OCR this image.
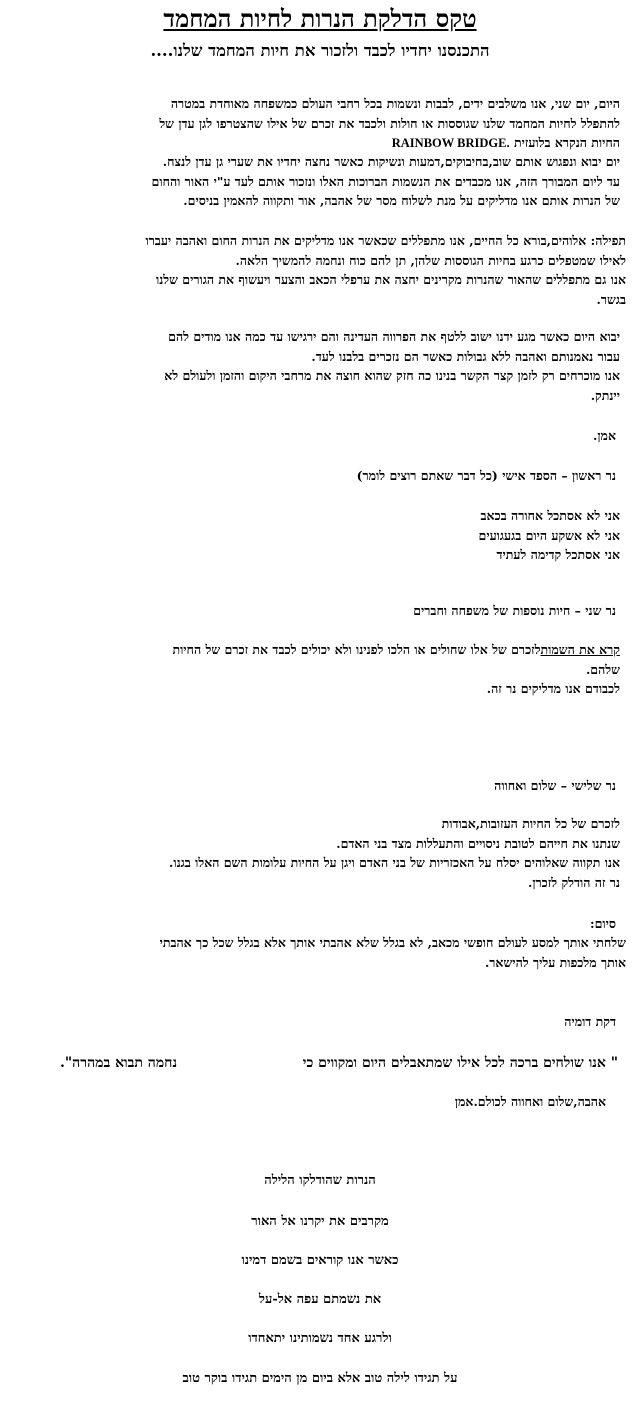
טקס הדלקת הנרות לחיות המחמד
התכנסנו יחדיו לכבד ולזכור את חיות המחמד שלנו....
היום, יום שני, אנו משלבים ידים, לבבות ונשמות בכל רחבי העולם כמשפחה מאוחדת במטרה
להתפלל לחיות המחמד שלנו שגוססות או חולות ולכבד את זכרם של אילו שהצטרפו לגן עדן של
החיות הנקרא בלועזית RAINBOW BRIDGE.
יום יבוא ונפגוש אותם שוב,בחיבוקים,דמעות ונשיקות כאשר נחצה יחדיו את שערי גן עדן לנצח.
עד ליום המבורך הזה, אנו מכבדים את הנשמות הברוכות האלו ונזכור אותם לעד ע"י האור והחום
של הנרות אותם אנו מדליקים על מנת לשלוח מסר של אהבה, אור ותקווה להאמין בניסים.
תפילה: אלוהים,בורא כל החיים, אנו מתפללים שכאשר אנו מדליקים את הנרות החום ואהבה יעברו
לאילו שמטפלים כרגע בחיות הגוססות שלהן, תן להם כוח ונחמה להמשיך הלאה.
אנו גם מתפללים שהאור שהנרות מקרינים יחצה את ערפלי הכאב והצער ויעשוף את הגורים שלנו
בגשר.
יבוא היום כאשר מגע ידנו ישוב ללטף את הפרווה העדינה והם ירגישו עד כמה אנו מודים להם
עבור נאמנותם ואהבה ללא גבולות כאשר הם נזכרים בלבנו לעד.
אנו מוכרחים רק לזמן קצר הקשר בנינו כה חזק שהוא חוצה את מרחבי היקום והזמן ולעולם לא
יינתק.
אמן.
נר ראשון – הספד אישי (כל דבר שאתם רוצים לומר)
אני לא אסתכל אחורה בכאב
אני לא אשקע היום בגעגועים
אני אסתכל קדימה לעתיד
נר שני – חיות נוספות של משפחה וחברים
קרא את השמותלזכרם של אלו שחולים או הלכו לפנינו ולא יכולים לכבד את זכרם של החיות
שלהם.
לכבודם אנו מדליקים נר זה.
נר שלישי – שלום ואחווה
לזכרם של כל החיות העזובות,אבודות
שנתנו את חייהם לטובת ניסויים והתעללות מצד בני האדם.
אנו תקווה שאלוהים יסלח על האכזריות של בני האדם ויגן על החיות עלומות השם האלו בגנו.
נר זה הודלק לזכרן.
סיום:
שלחתי אותך למסע לעולם חופשי מכאב, לא בגלל שלא אהבתי אותך אלא בגלל שכל כך אהבתי
אותך מלכפות עליך להישאר.
דקת דומיה
" אנו שולחים ברכה לכל אילו שמתאבלים היום ומקווים כי
נחמה תבוא במהרה".
אהבה,שלום ואחווה לכולם.אמן
הנרות שהודלקו הלילה
מקרבים את יקרנו אל האור
כאשר אנו קוראים בשמם דמינו
את נשמתם עפה אל-על
ולרגע אחד נשמותינו יתאחדו
על תגידו לילה טוב אלא ביום מן הימים תגידו בוקר טוב
